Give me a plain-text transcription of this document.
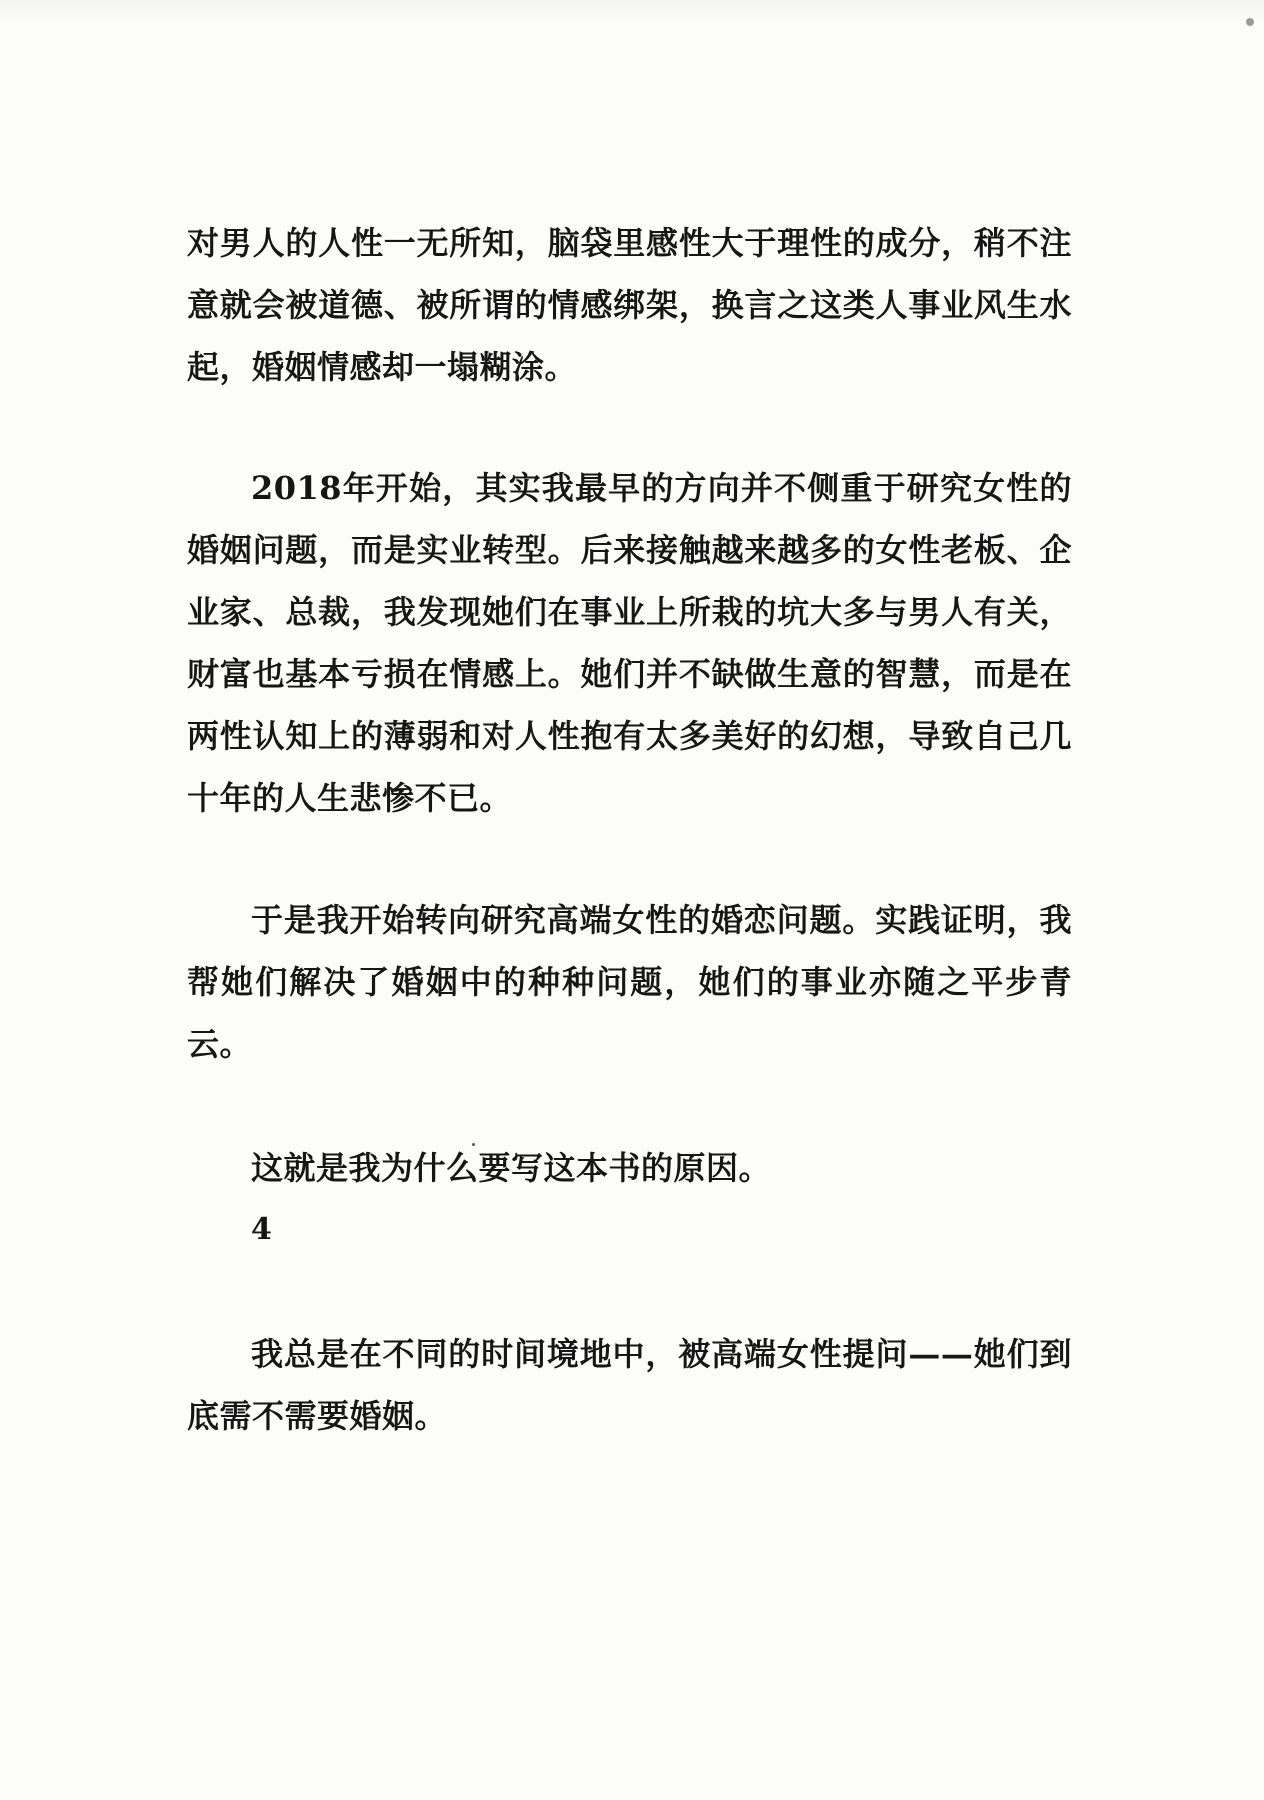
对男人的人性一无所知，脑袋里感性大于理性的成分，稍不注意就会被道德、被所谓的情感绑架，换言之这类人事业风生水起，婚姻情感却一塌糊涂。

2018年开始，其实我最早的方向并不侧重于研究女性的婚姻问题，而是实业转型。后来接触越来越多的女性老板、企业家、总裁，我发现她们在事业上所栽的坑大多与男人有关，财富也基本亏损在情感上。她们并不缺做生意的智慧，而是在两性认知上的薄弱和对人性抱有太多美好的幻想，导致自己几十年的人生悲惨不已。

于是我开始转向研究高端女性的婚恋问题。实践证明，我帮她们解决了婚姻中的种种问题，她们的事业亦随之平步青云。

这就是我为什么要写这本书的原因。

4

我总是在不同的时间境地中，被高端女性提问——她们到底需不需要婚姻。
